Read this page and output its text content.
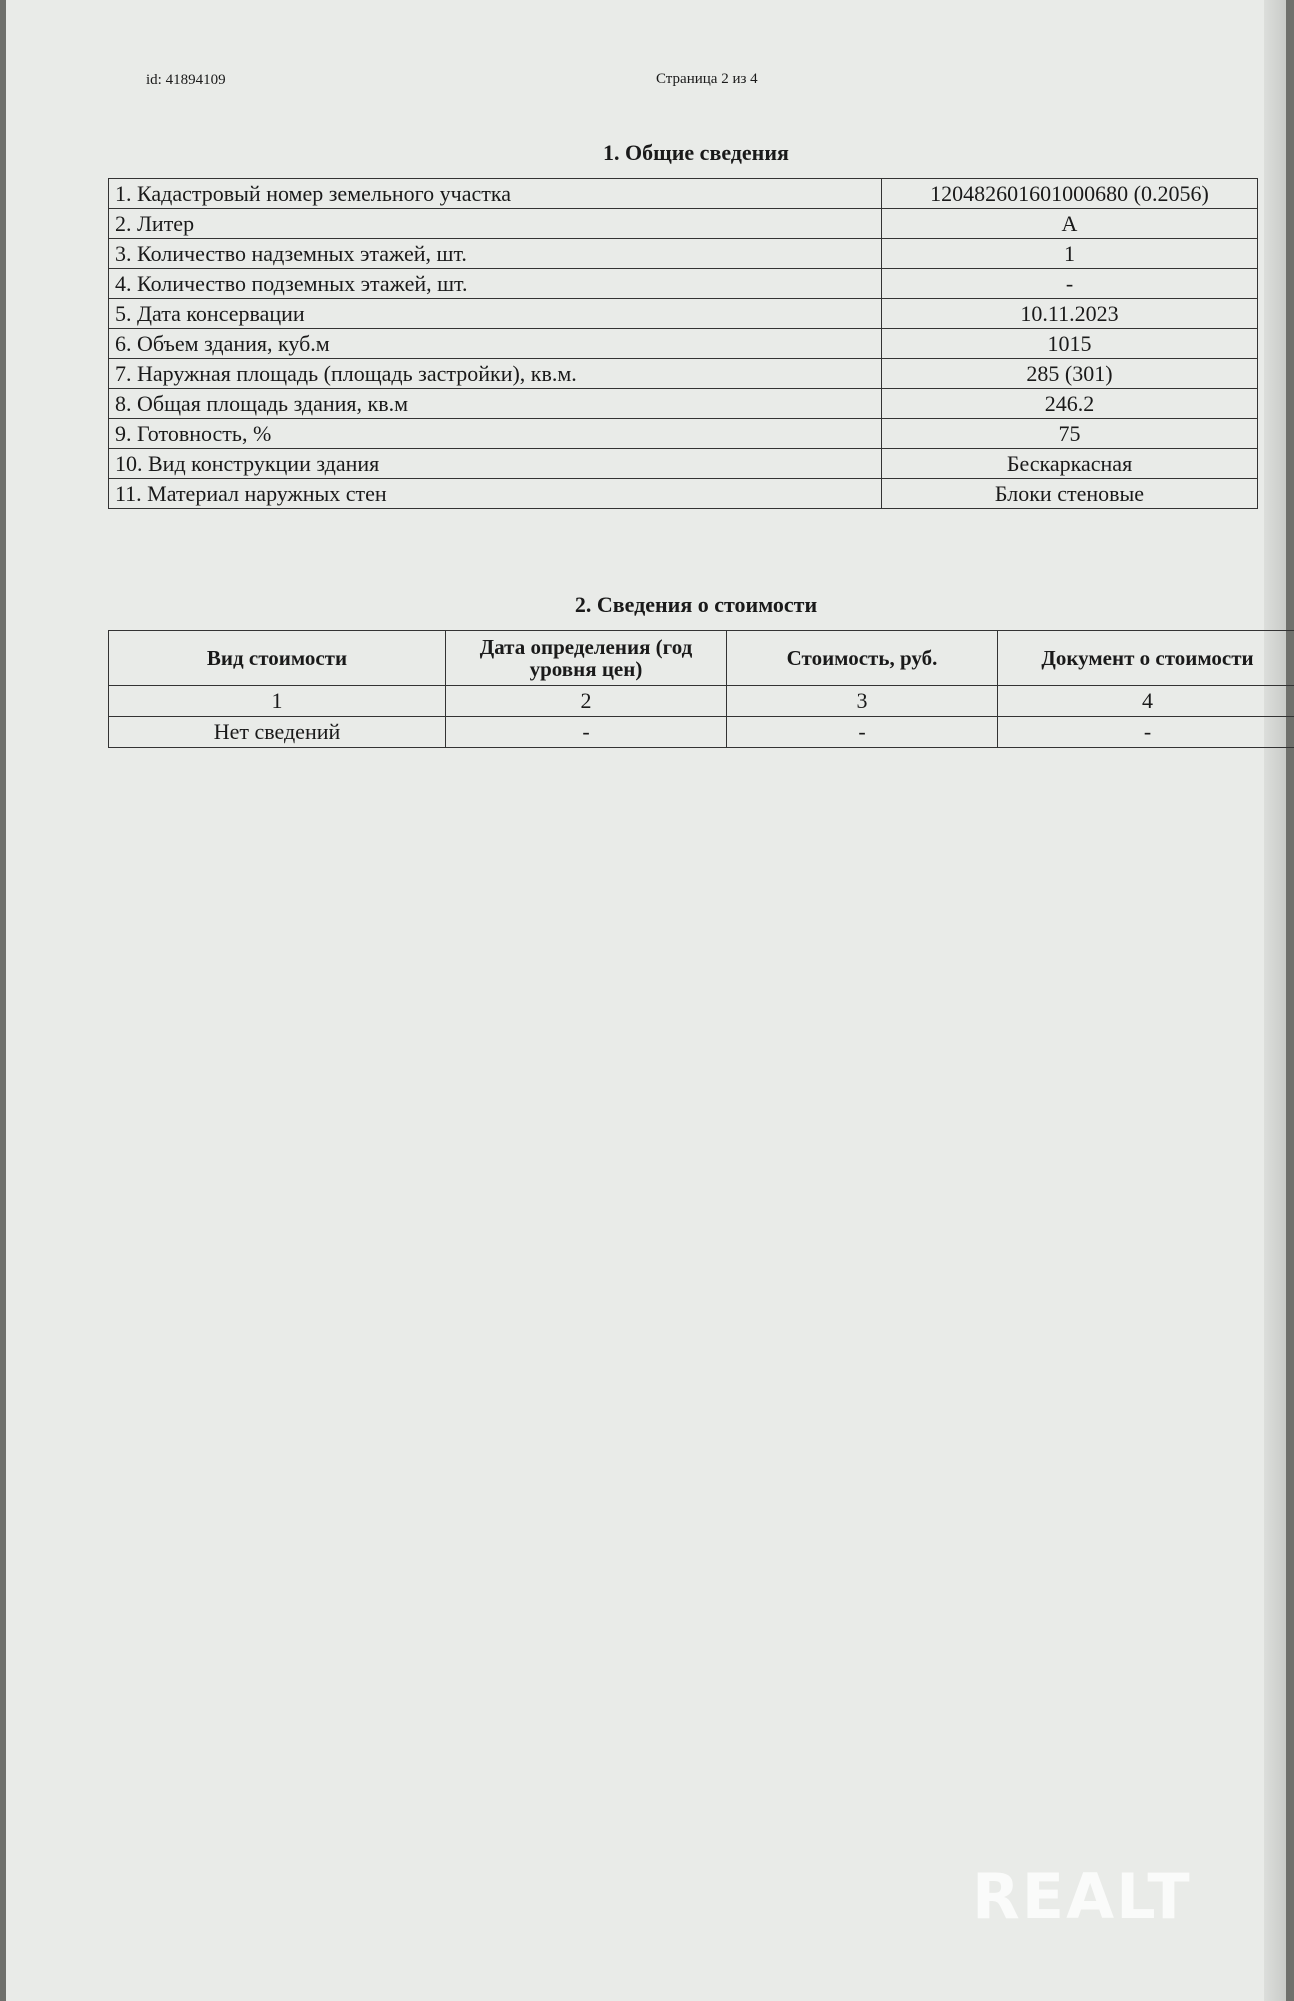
id: 41894109	Страница 2 из 4
1. Общие сведения
1. Кадастровый номер земельного участка	120482601601000680 (0.2056)
2. Литер	А
3. Количество надземных этажей, шт.	1
4. Количество подземных этажей, шт.	-
5. Дата консервации	10.11.2023
6. Объем здания, куб.м	1015
7. Наружная площадь (площадь застройки), кв.м.	285 (301)
8. Общая площадь здания, кв.м	246.2
9. Готовность, %	75
10. Вид конструкции здания	Бескаркасная
11. Материал наружных стен	Блоки стеновые
2. Сведения о стоимости
Вид стоимости	Дата определения (год уровня цен)	Стоимость, руб.	Документ о стоимости
1	2	3	4
Нет сведений	-	-	-
REALT
